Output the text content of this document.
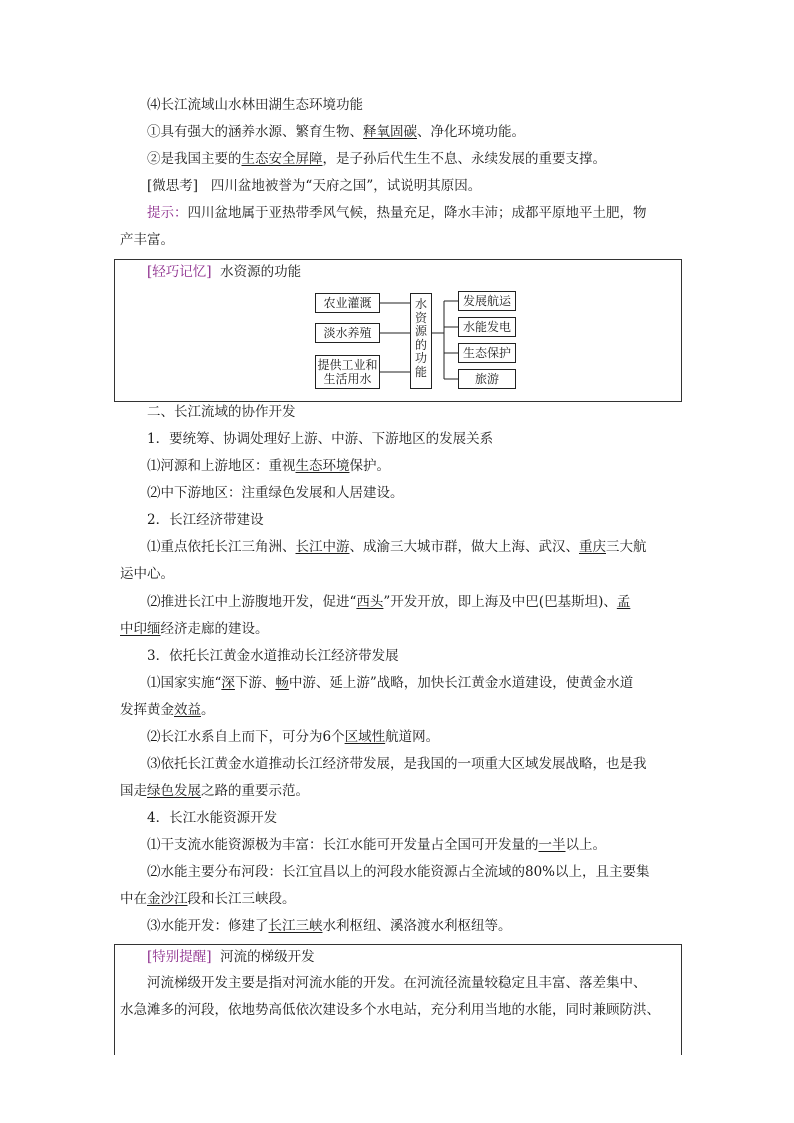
⑷长江流域山水林田湖生态环境功能
①具有强大的涵养水源、繁育生物、释氧固碳、净化环境功能。
②是我国主要的生态安全屏障，是子孙后代生生不息、永续发展的重要支撑。
[微思考] 四川盆地被誉为“天府之国”，试说明其原因。
提示：四川盆地属于亚热带季风气候，热量充足，降水丰沛；成都平原地平土肥，物
产丰富。
[轻巧记忆] 水资源的功能
农业灌溉
淡水养殖
提供工业和
生活用水
水
资
源
的
功
能
发展航运
水能发电
生态保护
旅游
二、长江流域的协作开发
1．要统筹、协调处理好上游、中游、下游地区的发展关系
⑴河源和上游地区：重视生态环境保护。
⑵中下游地区：注重绿色发展和人居建设。
2．长江经济带建设
⑴重点依托长江三角洲、长江中游、成渝三大城市群，做大上海、武汉、重庆三大航
运中心。
⑵推进长江中上游腹地开发，促进“西头”开发开放，即上海及中巴(巴基斯坦)、孟
中印缅经济走廊的建设。
3．依托长江黄金水道推动长江经济带发展
⑴国家实施“深下游、畅中游、延上游”战略，加快长江黄金水道建设，使黄金水道
发挥黄金效益。
⑵长江水系自上而下，可分为6个区域性航道网。
⑶依托长江黄金水道推动长江经济带发展，是我国的一项重大区域发展战略，也是我
国走绿色发展之路的重要示范。
4．长江水能资源开发
⑴干支流水能资源极为丰富：长江水能可开发量占全国可开发量的一半以上。
⑵水能主要分布河段：长江宜昌以上的河段水能资源占全流域的80%以上，且主要集
中在金沙江段和长江三峡段。
⑶水能开发：修建了长江三峡水利枢纽、溪洛渡水利枢纽等。
[特别提醒] 河流的梯级开发
河流梯级开发主要是指对河流水能的开发。在河流径流量较稳定且丰富、落差集中、
水急滩多的河段，依地势高低依次建设多个水电站，充分利用当地的水能，同时兼顾防洪、
